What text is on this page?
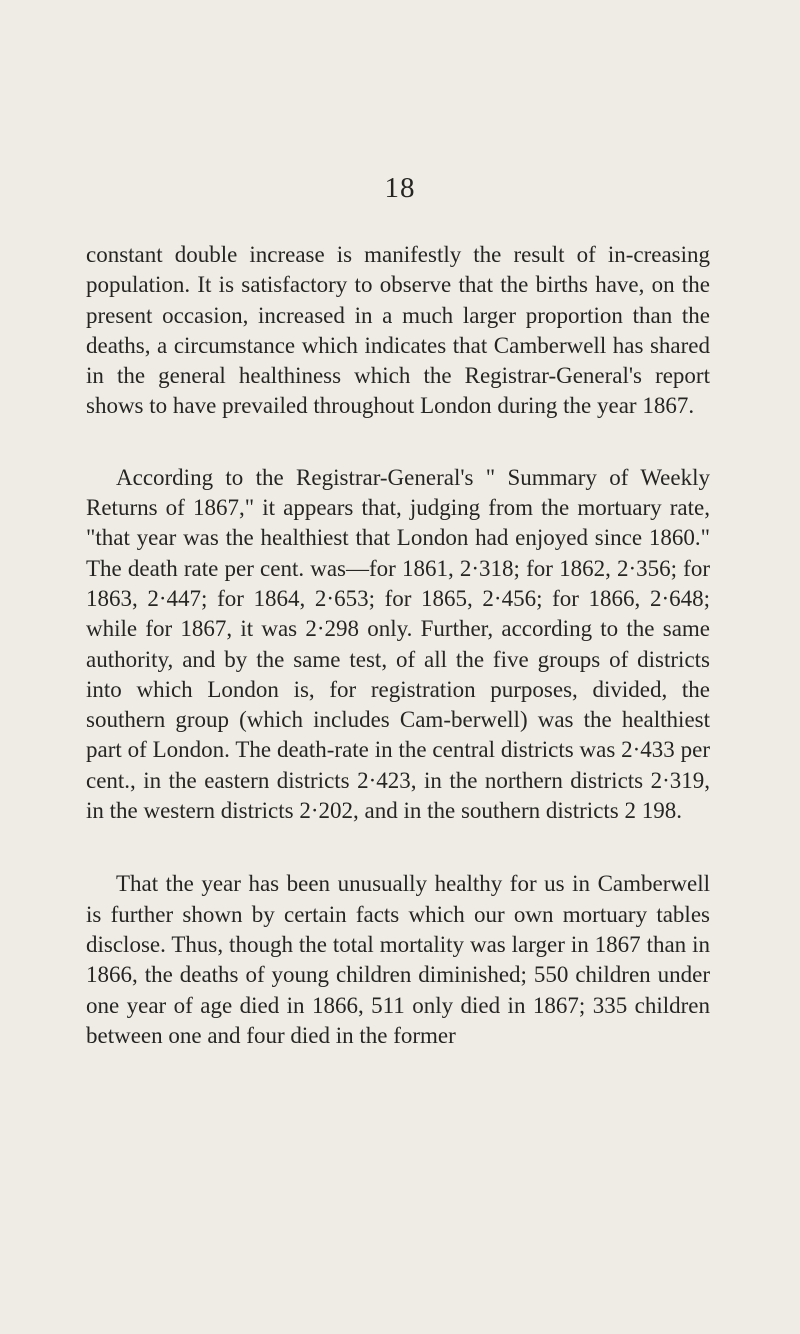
18

constant double increase is manifestly the result of in-creasing population. It is satisfactory to observe that the births have, on the present occasion, increased in a much larger proportion than the deaths, a circumstance which indicates that Camberwell has shared in the general healthiness which the Registrar-General's report shows to have prevailed throughout London during the year 1867.

According to the Registrar-General's " Summary of Weekly Returns of 1867," it appears that, judging from the mortuary rate, "that year was the healthiest that London had enjoyed since 1860." The death rate per cent. was—for 1861, 2·318; for 1862, 2·356; for 1863, 2·447; for 1864, 2·653; for 1865, 2·456; for 1866, 2·648; while for 1867, it was 2·298 only. Further, according to the same authority, and by the same test, of all the five groups of districts into which London is, for registration purposes, divided, the southern group (which includes Cam-berwell) was the healthiest part of London. The death-rate in the central districts was 2·433 per cent., in the eastern districts 2·423, in the northern districts 2·319, in the western districts 2·202, and in the southern districts 2 198.

That the year has been unusually healthy for us in Camberwell is further shown by certain facts which our own mortuary tables disclose. Thus, though the total mortality was larger in 1867 than in 1866, the deaths of young children diminished; 550 children under one year of age died in 1866, 511 only died in 1867; 335 children between one and four died in the former
